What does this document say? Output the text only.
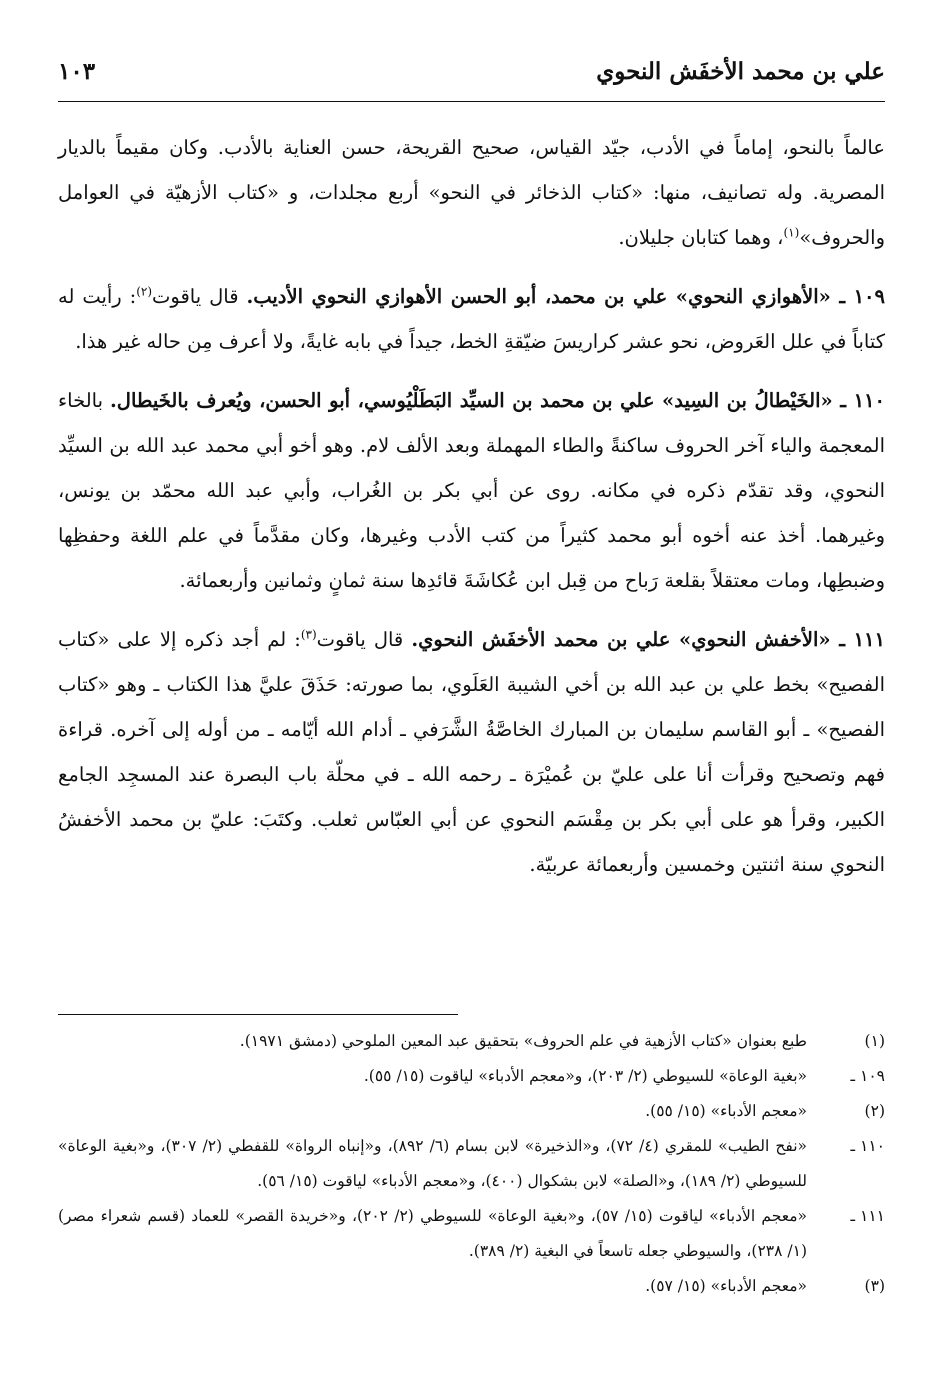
علي بن محمد الأخفَش النحوي
١٠٣

عالماً بالنحو، إماماً في الأدب، جيّد القياس، صحيح القريحة، حسن العناية بالأدب. وكان مقيماً بالديار المصرية. وله تصانيف، منها: «كتاب الذخائر في النحو» أربع مجلدات، و «كتاب الأزهيّة في العوامل والحروف»$^{(١)}$، وهما كتابان جليلان.

١٠٩ ـ «الأهوازي النحوي» علي بن محمد، أبو الحسن الأهوازي النحوي الأديب. قال ياقوت$^{(٢)}$: رأيت له كتاباً في علل العَروض، نحو عشر كراريسَ ضيّقةِ الخط، جيداً في بابه غايةً، ولا أعرف مِن حاله غير هذا.

١١٠ ـ «الخَيْطالُ بن السِيد» علي بن محمد بن السيِّد البَطَلْيُوسي، أبو الحسن، ويُعرف بالخَيطال. بالخاء المعجمة والياء آخر الحروف ساكنةً والطاء المهملة وبعد الألف لام. وهو أخو أبي محمد عبد الله بن السيِّد النحوي، وقد تقدّم ذكره في مكانه. روى عن أبي بكر بن الغُراب، وأبي عبد الله محمّد بن يونس، وغيرهما. أخذ عنه أخوه أبو محمد كثيراً من كتب الأدب وغيرها، وكان مقدَّماً في علم اللغة وحفظِها وضبطِها، ومات معتقلاً بقلعة رَباح من قِبل ابن عُكاشَةَ قائدِها سنة ثمانٍ وثمانين وأربعمائة.

١١١ ـ «الأخفش النحوي» علي بن محمد الأخفَش النحوي. قال ياقوت$^{(٣)}$: لم أجد ذكره إلا على «كتاب الفصيح» بخط علي بن عبد الله بن أخي الشيبة العَلَوي، بما صورته: حَذَقَ عليَّ هذا الكتاب ـ وهو «كتاب الفصيح» ـ أبو القاسم سليمان بن المبارك الخاصَّةُ الشَّرَفي ـ أدام الله أيّامه ـ من أوله إلى آخره. قراءة فهم وتصحيح وقرأت أنا على عليّ بن عُميْرَة ـ رحمه الله ـ في محلّة باب البصرة عند المسجِد الجامع الكبير، وقرأ هو على أبي بكر بن مِقْسَم النحوي عن أبي العبّاس ثعلب. وكتَبَ: عليّ بن محمد الأخفشُ النحوي سنة اثنتين وخمسين وأربعمائة عربيّة.

(١)
طبع بعنوان «كتاب الأزهية في علم الحروف» بتحقيق عبد المعين الملوحي (دمشق ١٩٧١).
١٠٩ ـ
«بغية الوعاة» للسيوطي (٢/ ٢٠٣)، و«معجم الأدباء» لياقوت (١٥/ ٥٥).
(٢)
«معجم الأدباء» (١٥/ ٥٥).
١١٠ ـ
«نفح الطيب» للمقري (٤/ ٧٢)، و«الذخيرة» لابن بسام (٦/ ٨٩٢)، و«إنباه الرواة» للقفطي (٢/ ٣٠٧)، و«بغية الوعاة» للسيوطي (٢/ ١٨٩)، و«الصلة» لابن بشكوال (٤٠٠)، و«معجم الأدباء» لياقوت (١٥/ ٥٦).
١١١ ـ
«معجم الأدباء» لياقوت (١٥/ ٥٧)، و«بغية الوعاة» للسيوطي (٢/ ٢٠٢)، و«خريدة القصر» للعماد (قسم شعراء مصر) (١/ ٢٣٨)، والسيوطي جعله تاسعاً في البغية (٢/ ٣٨٩).
(٣)
«معجم الأدباء» (١٥/ ٥٧).
